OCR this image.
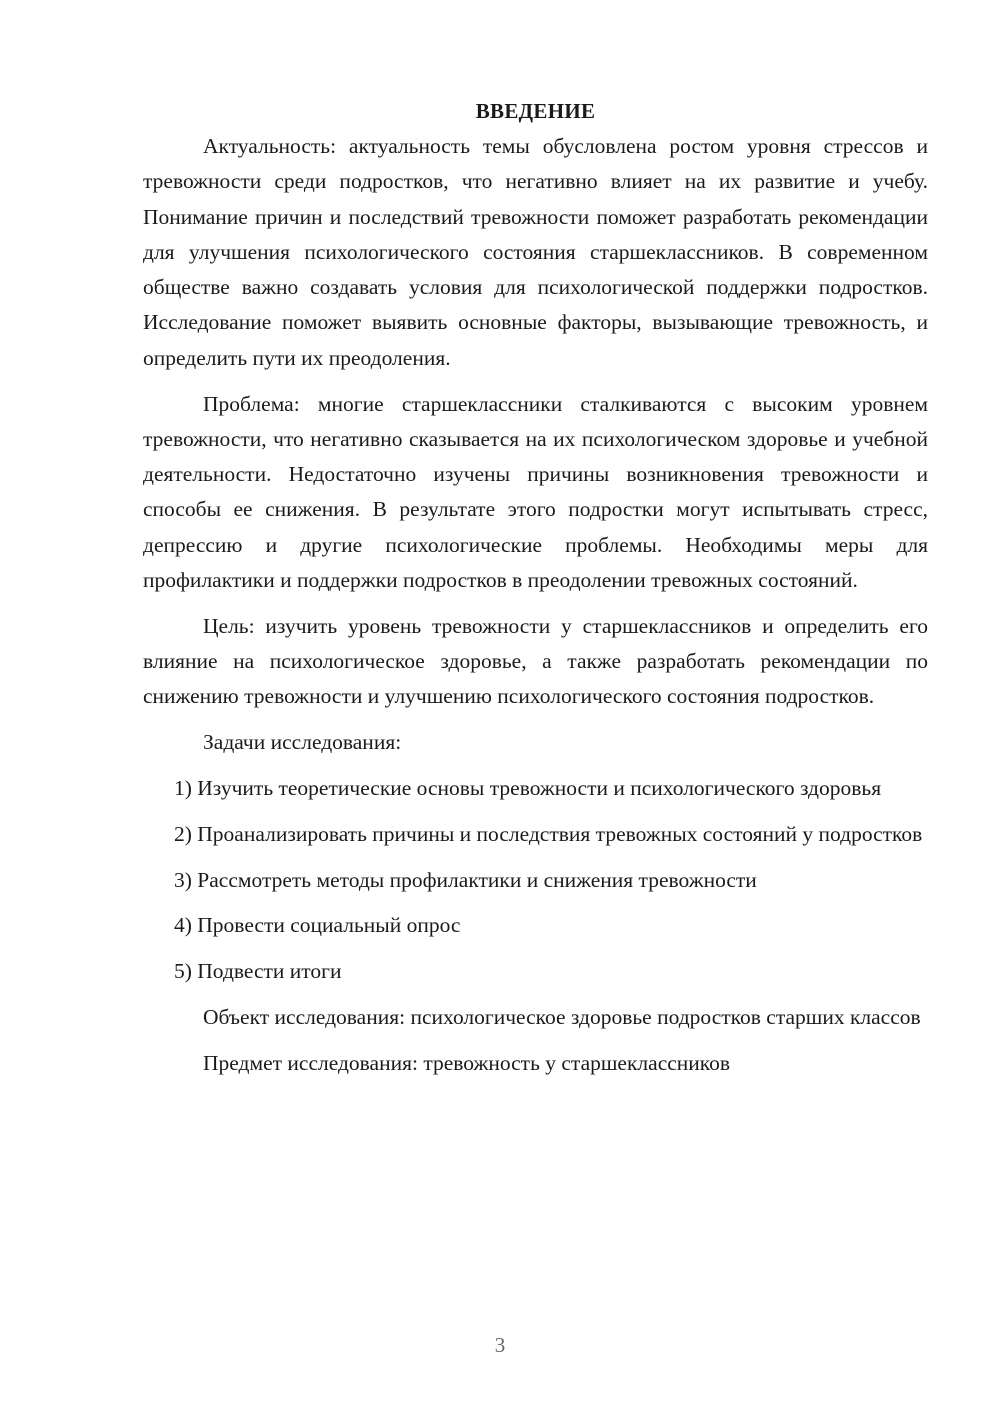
ВВЕДЕНИЕ

Актуальность: актуальность темы обусловлена ростом уровня стрессов и тревожности среди подростков, что негативно влияет на их развитие и учебу. Понимание причин и последствий тревожности поможет разработать рекомендации для улучшения психологического состояния старшеклассников. В современном обществе важно создавать условия для психологической поддержки подростков. Исследование поможет выявить основные факторы, вызывающие тревожность, и определить пути их преодоления.

Проблема: многие старшеклассники сталкиваются с высоким уровнем тревожности, что негативно сказывается на их психологическом здоровье и учебной деятельности. Недостаточно изучены причины возникновения тревожности и способы ее снижения. В результате этого подростки могут испытывать стресс, депрессию и другие психологические проблемы. Необходимы меры для профилактики и поддержки подростков в преодолении тревожных состояний.

Цель: изучить уровень тревожности у старшеклассников и определить его влияние на психологическое здоровье, а также разработать рекомендации по снижению тревожности и улучшению психологического состояния подростков.

Задачи исследования:

1) Изучить теоретические основы тревожности и психологического здоровья

2) Проанализировать причины и последствия тревожных состояний у подростков

3) Рассмотреть методы профилактики и снижения тревожности

4) Провести социальный опрос

5) Подвести итоги

Объект исследования: психологическое здоровье подростков старших классов

Предмет исследования: тревожность у старшеклассников

3
